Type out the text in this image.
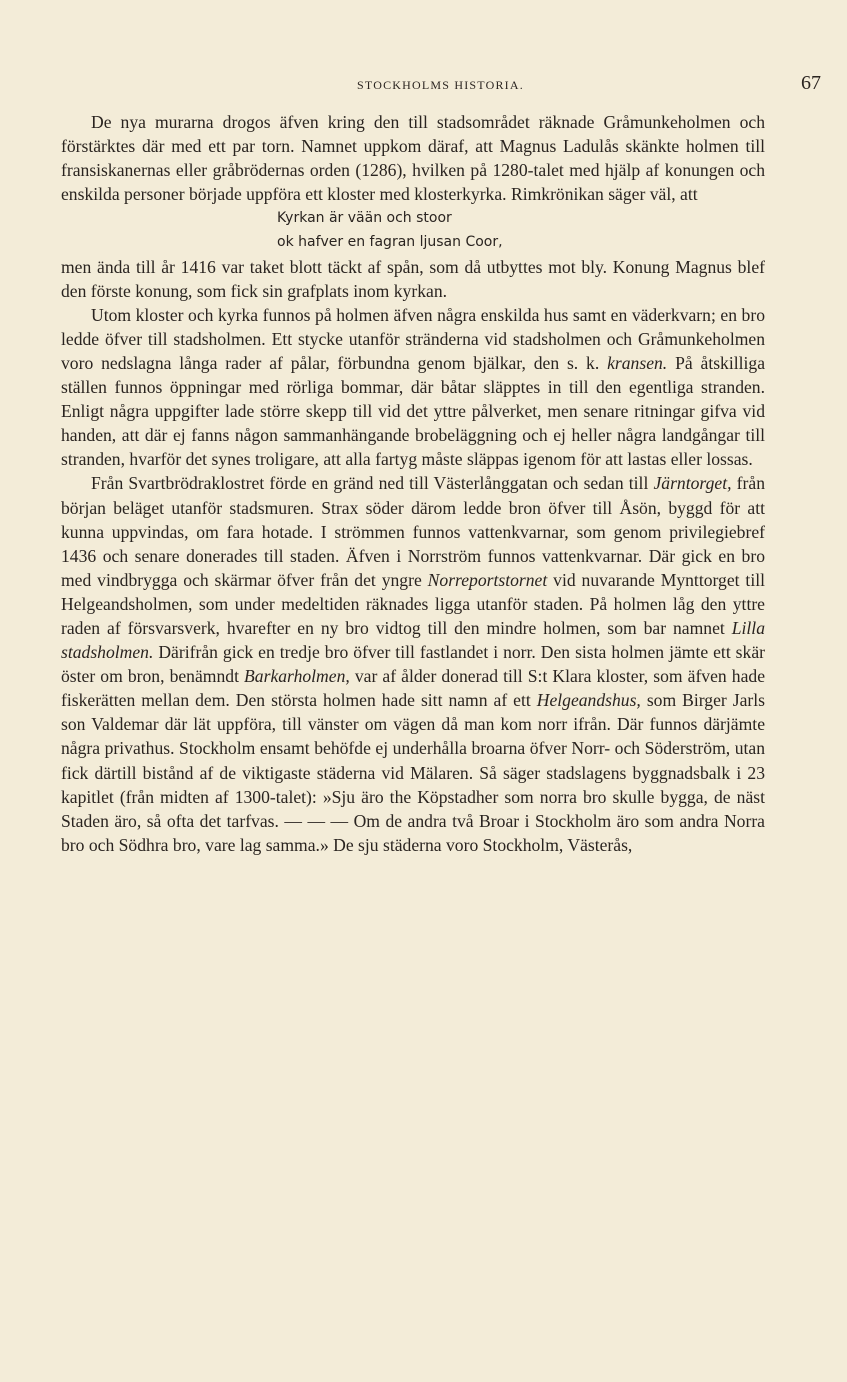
STOCKHOLMS HISTORIA.	67

De nya murarna drogos äfven kring den till stadsområdet räknade Gråmunkeholmen och förstärktes där med ett par torn. Namnet uppkom däraf, att Magnus Ladulås skänkte holmen till fransiskanernas eller gråbrödernas orden (1286), hvilken på 1280-talet med hjälp af konungen och enskilda personer började uppföra ett kloster med klosterkyrka. Rimkrönikan säger väl, att

Kyrkan är vään och stoor

ok hafver en fagran ljusan Coor,

men ända till år 1416 var taket blott täckt af spån, som då utbyttes mot bly. Konung Magnus blef den förste konung, som fick sin grafplats inom kyrkan.

Utom kloster och kyrka funnos på holmen äfven några enskilda hus samt en väderkvarn; en bro ledde öfver till stadsholmen. Ett stycke utanför stränderna vid stadsholmen och Gråmunkeholmen voro nedslagna långa rader af pålar, förbundna genom bjälkar, den s. k. kransen. På åtskilliga ställen funnos öppningar med rörliga bommar, där båtar släpptes in till den egentliga stranden. Enligt några uppgifter lade större skepp till vid det yttre pålverket, men senare ritningar gifva vid handen, att där ej fanns någon sammanhängande brobeläggning och ej heller några landgångar till stranden, hvarför det synes troligare, att alla fartyg måste släppas igenom för att lastas eller lossas.

Från Svartbrödraklostret förde en gränd ned till Västerlånggatan och sedan till Järntorget, från början beläget utanför stadsmuren. Strax söder därom ledde bron öfver till Åsön, byggd för att kunna uppvindas, om fara hotade. I strömmen funnos vattenkvarnar, som genom privilegiebref 1436 och senare donerades till staden. Äfven i Norrström funnos vattenkvarnar. Där gick en bro med vindbrygga och skärmar öfver från det yngre Norreportstornet vid nuvarande Mynttorget till Helgeandsholmen, som under medeltiden räknades ligga utanför staden. På holmen låg den yttre raden af försvarsverk, hvarefter en ny bro vidtog till den mindre holmen, som bar namnet Lilla stadsholmen. Därifrån gick en tredje bro öfver till fastlandet i norr. Den sista holmen jämte ett skär öster om bron, benämndt Barkarholmen, var af ålder donerad till S:t Klara kloster, som äfven hade fiskerätten mellan dem. Den största holmen hade sitt namn af ett Helgeandshus, som Birger Jarls son Valdemar där lät uppföra, till vänster om vägen då man kom norr ifrån. Där funnos därjämte några privathus. Stockholm ensamt behöfde ej underhålla broarna öfver Norr- och Söderström, utan fick därtill bistånd af de viktigaste städerna vid Mälaren. Så säger stadslagens byggnadsbalk i 23 kapitlet (från midten af 1300-talet): »Sju äro the Köpstadher som norra bro skulle bygga, de näst Staden äro, så ofta det tarfvas. — — — Om de andra två Broar i Stockholm äro som andra Norra bro och Södhra bro, vare lag samma.» De sju städerna voro Stockholm, Västerås,
